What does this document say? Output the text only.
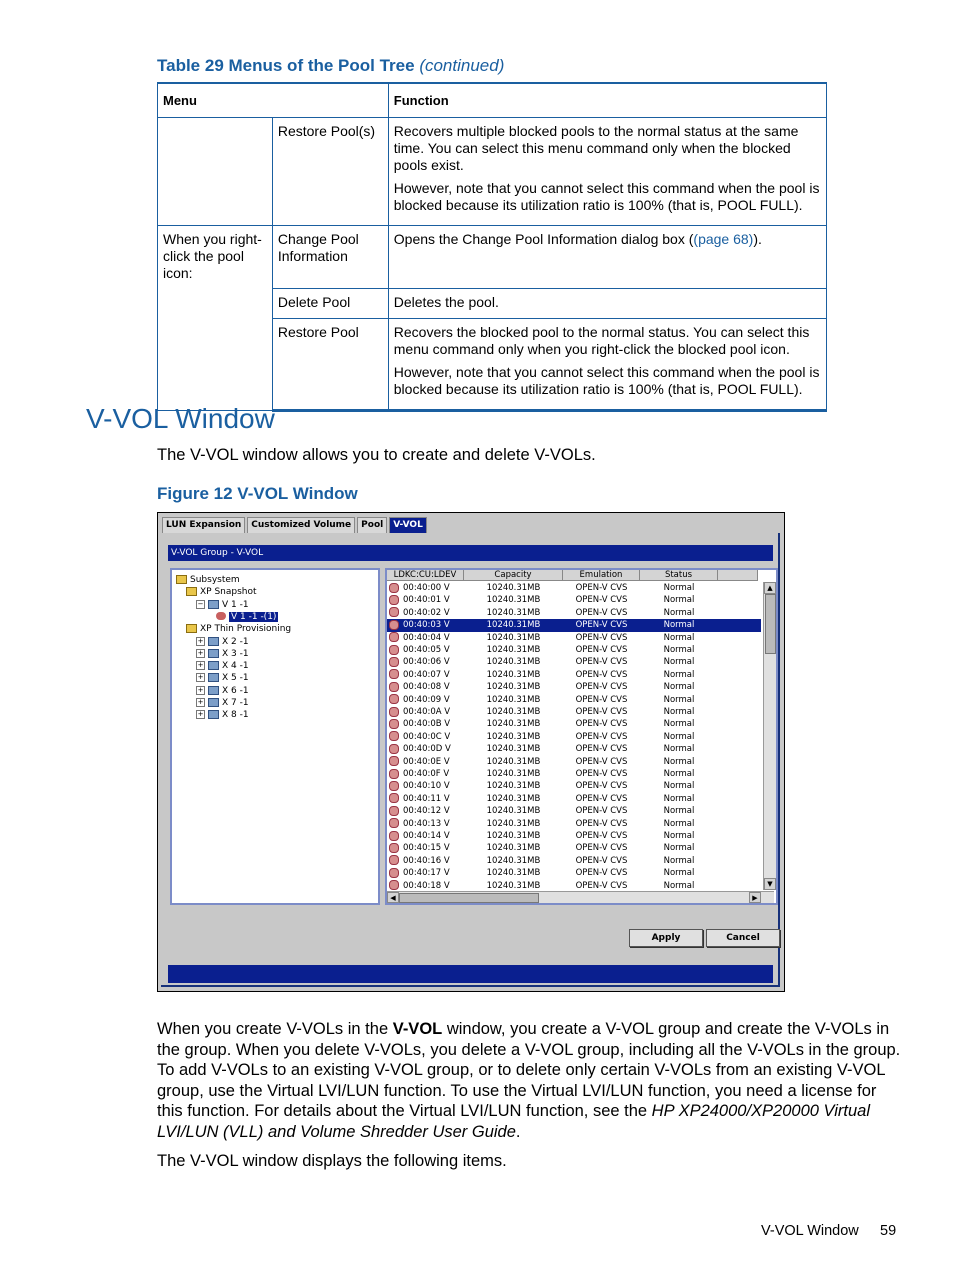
Table 29 Menus of the Pool Tree (continued)
Menu		Function
	Restore Pool(s)	Recovers multiple blocked pools to the normal status at the same time. You can select this menu command only when the blocked pools exist.

However, note that you cannot select this command when the pool is blocked because its utilization ratio is 100% (that is, POOL FULL).

When you right-click the pool icon:	Change Pool Information	Opens the Change Pool Information dialog box ((page 68)).
	Delete Pool	Deletes the pool.
	Restore Pool	Recovers the blocked pool to the normal status. You can select this menu command only when you right-click the blocked pool icon.

However, note that you cannot select this command when the pool is blocked because its utilization ratio is 100% (that is, POOL FULL).

V-VOL Window
The V-VOL window allows you to create and delete V-VOLs.
Figure 12 V-VOL Window
LUN Expansion	Customized Volume	Pool	V-VOL
V-VOL Group - V-VOL
Subsystem
XP Snapshot
− V 1 -1
V 1 -1 -(1)
XP Thin Provisioning
+ X 2 -1
+ X 3 -1
+ X 4 -1
+ X 5 -1
+ X 6 -1
+ X 7 -1
+ X 8 -1
LDKC:CU:LDEV	Capacity	Emulation	Status
00:40:00 V	10240.31MB	OPEN-V CVS	Normal
00:40:01 V	10240.31MB	OPEN-V CVS	Normal
00:40:02 V	10240.31MB	OPEN-V CVS	Normal
00:40:03 V	10240.31MB	OPEN-V CVS	Normal
00:40:04 V	10240.31MB	OPEN-V CVS	Normal
00:40:05 V	10240.31MB	OPEN-V CVS	Normal
00:40:06 V	10240.31MB	OPEN-V CVS	Normal
00:40:07 V	10240.31MB	OPEN-V CVS	Normal
00:40:08 V	10240.31MB	OPEN-V CVS	Normal
00:40:09 V	10240.31MB	OPEN-V CVS	Normal
00:40:0A V	10240.31MB	OPEN-V CVS	Normal
00:40:0B V	10240.31MB	OPEN-V CVS	Normal
00:40:0C V	10240.31MB	OPEN-V CVS	Normal
00:40:0D V	10240.31MB	OPEN-V CVS	Normal
00:40:0E V	10240.31MB	OPEN-V CVS	Normal
00:40:0F V	10240.31MB	OPEN-V CVS	Normal
00:40:10 V	10240.31MB	OPEN-V CVS	Normal
00:40:11 V	10240.31MB	OPEN-V CVS	Normal
00:40:12 V	10240.31MB	OPEN-V CVS	Normal
00:40:13 V	10240.31MB	OPEN-V CVS	Normal
00:40:14 V	10240.31MB	OPEN-V CVS	Normal
00:40:15 V	10240.31MB	OPEN-V CVS	Normal
00:40:16 V	10240.31MB	OPEN-V CVS	Normal
00:40:17 V	10240.31MB	OPEN-V CVS	Normal
00:40:18 V	10240.31MB	OPEN-V CVS	Normal
▲
▼
◀	▶
Apply	Cancel
When you create V-VOLs in the V-VOL window, you create a V-VOL group and create the V-VOLs in the group. When you delete V-VOLs, you delete a V-VOL group, including all the V-VOLs in the group. To add V-VOLs to an existing V-VOL group, or to delete only certain V-VOLs from an existing V-VOL group, use the Virtual LVI/LUN function. To use the Virtual LVI/LUN function, you need a license for this function. For details about the Virtual LVI/LUN function, see the HP XP24000/XP20000 Virtual LVI/LUN (VLL) and Volume Shredder User Guide.
The V-VOL window displays the following items.
V-VOL Window 59
